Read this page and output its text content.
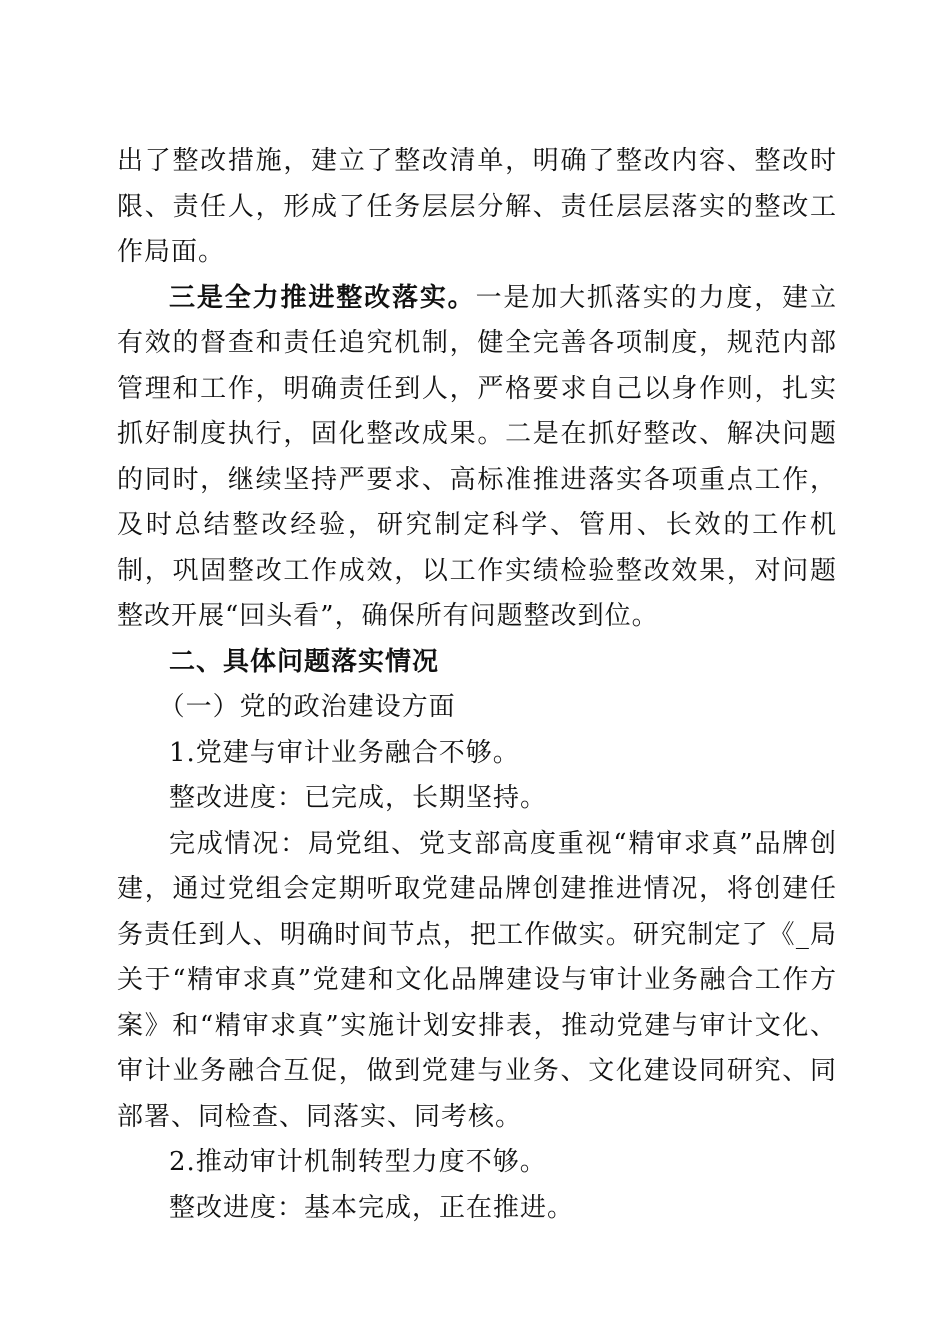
出了整改措施，建立了整改清单，明确了整改内容、整改时限、责任人，形成了任务层层分解、责任层层落实的整改工作局面。

三是全力推进整改落实。一是加大抓落实的力度，建立有效的督查和责任追究机制，健全完善各项制度，规范内部管理和工作，明确责任到人，严格要求自己以身作则，扎实抓好制度执行，固化整改成果。二是在抓好整改、解决问题的同时，继续坚持严要求、高标准推进落实各项重点工作，及时总结整改经验，研究制定科学、管用、长效的工作机制，巩固整改工作成效，以工作实绩检验整改效果，对问题整改开展“回头看”，确保所有问题整改到位。

二、具体问题落实情况

（一）党的政治建设方面

1.党建与审计业务融合不够。

整改进度：已完成，长期坚持。

完成情况：局党组、党支部高度重视“精审求真”品牌创建，通过党组会定期听取党建品牌创建推进情况，将创建任务责任到人、明确时间节点，把工作做实。研究制定了《_局关于“精审求真”党建和文化品牌建设与审计业务融合工作方案》和“精审求真”实施计划安排表，推动党建与审计文化、审计业务融合互促，做到党建与业务、文化建设同研究、同部署、同检查、同落实、同考核。

2.推动审计机制转型力度不够。

整改进度：基本完成，正在推进。
